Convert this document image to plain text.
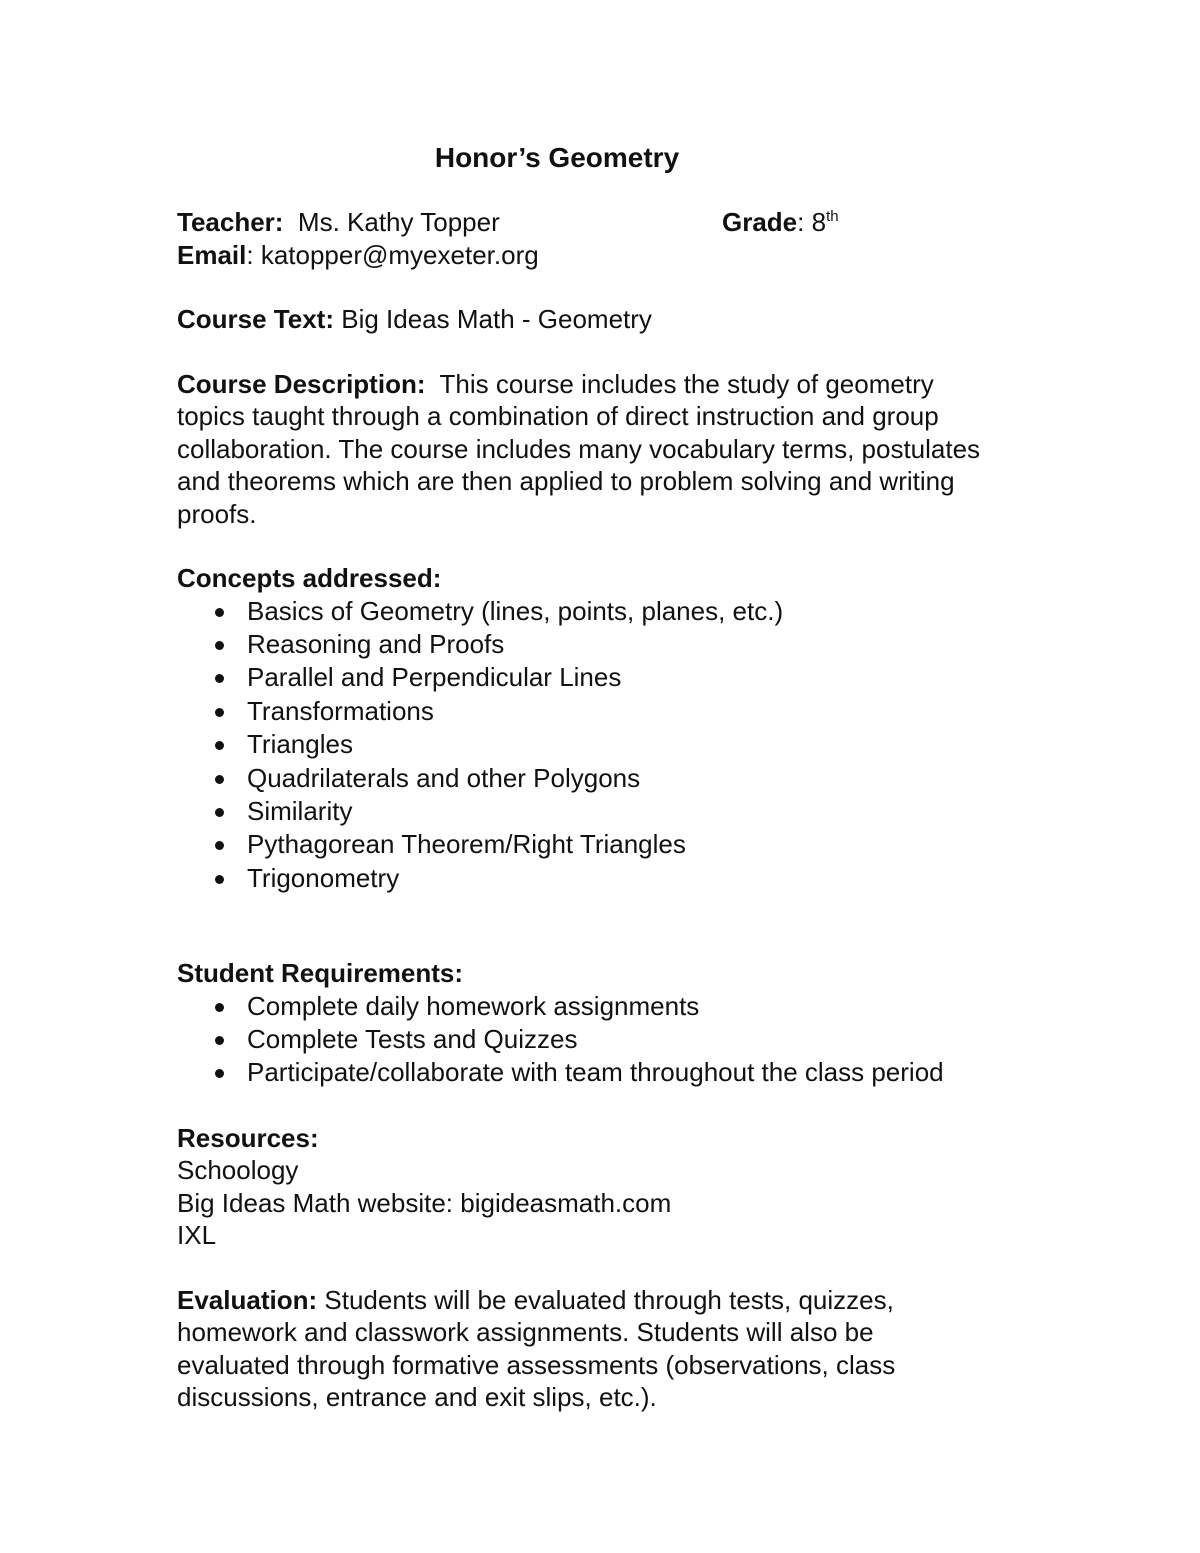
Honor’s Geometry
Teacher: Ms. Kathy Topper	Grade: 8th
Email: katopper@myexeter.org
Course Text: Big Ideas Math - Geometry

Course Description: This course includes the study of geometry topics taught through a combination of direct instruction and group collaboration. The course includes many vocabulary terms, postulates and theorems which are then applied to problem solving and writing proofs.

Concepts addressed:
Basics of Geometry (lines, points, planes, etc.)
Reasoning and Proofs
Parallel and Perpendicular Lines
Transformations
Triangles
Quadrilaterals and other Polygons
Similarity
Pythagorean Theorem/Right Triangles
Trigonometry
Student Requirements:
Complete daily homework assignments
Complete Tests and Quizzes
Participate/collaborate with team throughout the class period
Resources:
Schoology
Big Ideas Math website: bigideasmath.com
IXL

Evaluation: Students will be evaluated through tests, quizzes, homework and classwork assignments. Students will also be evaluated through formative assessments (observations, class discussions, entrance and exit slips, etc.).
